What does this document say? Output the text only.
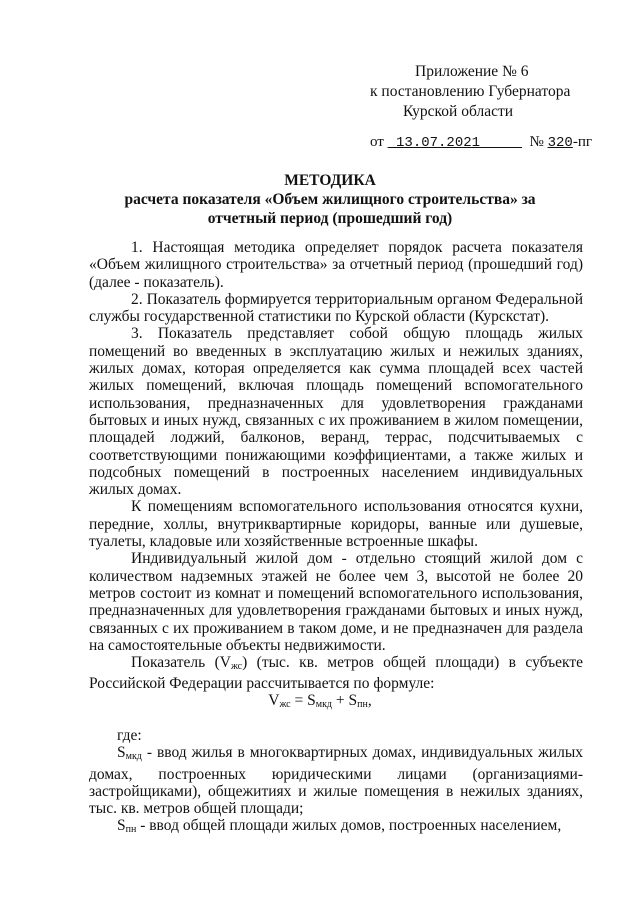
Приложение № 6
к постановлению Губернатора
Курской области
от 13.07.2021	№ 320-пг
МЕТОДИКА
расчета показателя «Объем жилищного строительства» за отчетный период (прошедший год)

1. Настоящая методика определяет порядок расчета показателя «Объем жилищного строительства» за отчетный период (прошедший год) (далее - показатель).

2. Показатель формируется территориальным органом Федеральной службы государственной статистики по Курской области (Курскстат).

3. Показатель представляет собой общую площадь жилых помещений во введенных в эксплуатацию жилых и нежилых зданиях, жилых домах, которая определяется как сумма площадей всех частей жилых помещений, включая площадь помещений вспомогательного использования, предназначенных для удовлетворения гражданами бытовых и иных нужд, связанных с их проживанием в жилом помещении, площадей лоджий, балконов, веранд, террас, подсчитываемых с соответствующими понижающими коэффициентами, а также жилых и подсобных помещений в построенных населением индивидуальных жилых домах.

К помещениям вспомогательного использования относятся кухни, передние, холлы, внутриквартирные коридоры, ванные или душевые, туалеты, кладовые или хозяйственные встроенные шкафы.

Индивидуальный жилой дом - отдельно стоящий жилой дом с количеством надземных этажей не более чем 3, высотой не более 20 метров состоит из комнат и помещений вспомогательного использования, предназначенных для удовлетворения гражданами бытовых и иных нужд, связанных с их проживанием в таком доме, и не предназначен для раздела на самостоятельные объекты недвижимости.

Показатель $(V_{жс})$ (тыс. кв. метров общей площади) в субъекте Российской Федерации рассчитывается по формуле:

$V_{жс} = S_{мкд} + S_{пн}$,

где:

$S_{мкд}$ - ввод жилья в многоквартирных домах, индивидуальных жилых домах, построенных юридическими лицами (организациями-застройщиками), общежитиях и жилые помещения в нежилых зданиях, тыс. кв. метров общей площади;

$S_{пн}$ - ввод общей площади жилых домов, построенных населением,
